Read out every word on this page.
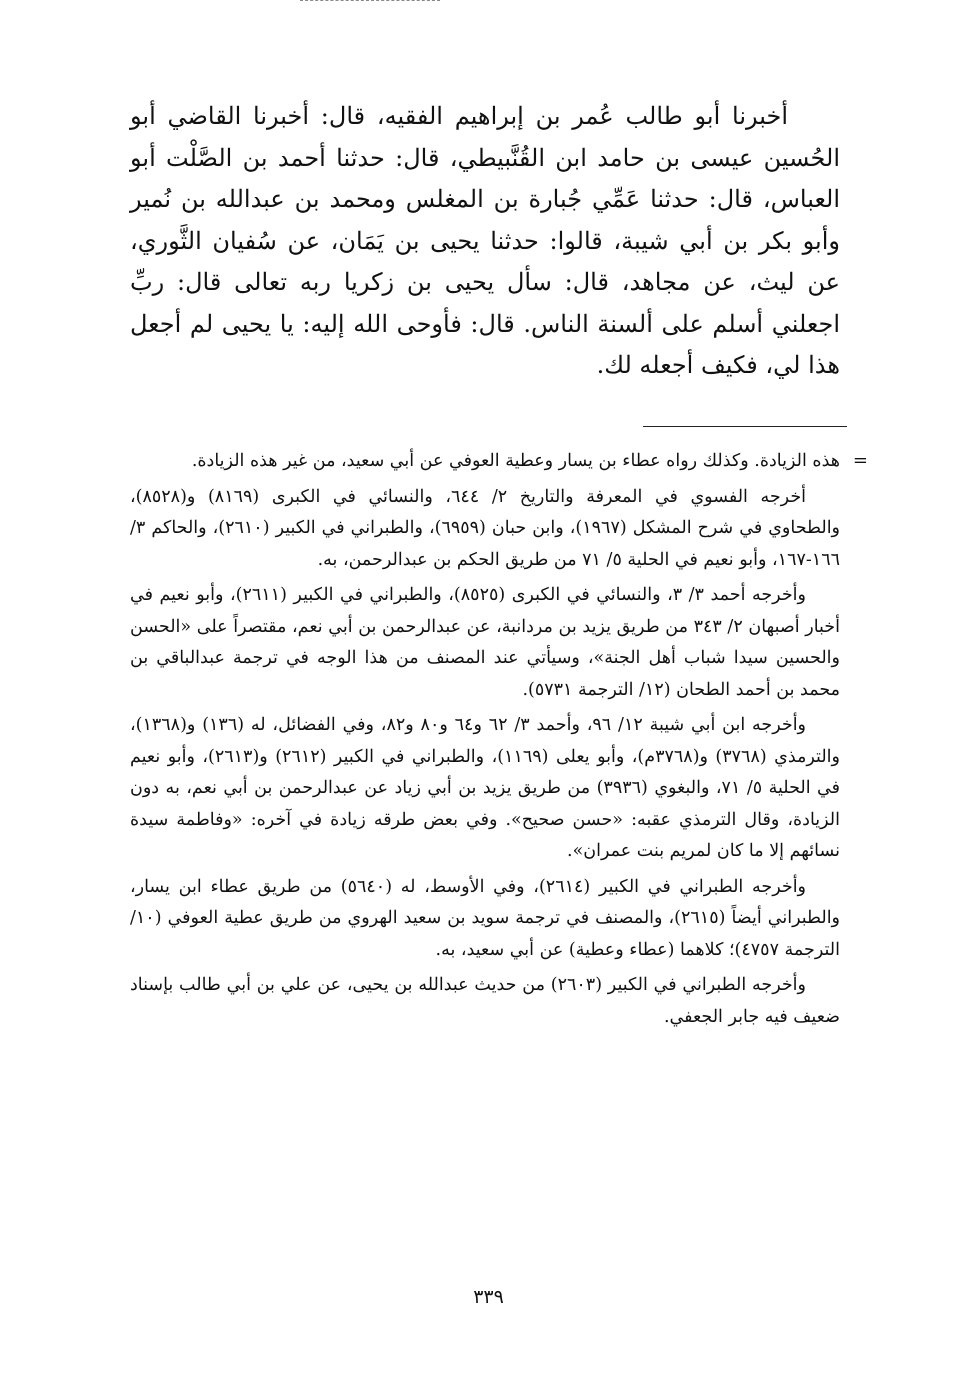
أخبرنا أبو طالب عُمر بن إبراهيم الفقيه، قال: أخبرنا القاضي أبو الحُسين عيسى بن حامد ابن القُنَّبيطي، قال: حدثنا أحمد بن الصَّلْت أبو العباس، قال: حدثنا عَمِّي جُبارة بن المغلس ومحمد بن عبدالله بن نُمير وأبو بكر بن أبي شيبة، قالوا: حدثنا يحيى بن يَمَان، عن سُفيان الثَّوري، عن ليث، عن مجاهد، قال: سأل يحيى بن زكريا ربه تعالى قال: ربِّ اجعلني أسلم على ألسنة الناس. قال: فأوحى الله إليه: يا يحيى لم أجعل هذا لي، فكيف أجعله لك.

=

هذه الزيادة. وكذلك رواه عطاء بن يسار وعطية العوفي عن أبي سعيد، من غير هذه الزيادة.

أخرجه الفسوي في المعرفة والتاريخ ٢/ ٦٤٤، والنسائي في الكبرى (٨١٦٩) و(٨٥٢٨)، والطحاوي في شرح المشكل (١٩٦٧)، وابن حبان (٦٩٥٩)، والطبراني في الكبير (٢٦١٠)، والحاكم ٣/ ١٦٦-١٦٧، وأبو نعيم في الحلية ٥/ ٧١ من طريق الحكم بن عبدالرحمن، به.

وأخرجه أحمد ٣/ ٣، والنسائي في الكبرى (٨٥٢٥)، والطبراني في الكبير (٢٦١١)، وأبو نعيم في أخبار أصبهان ٢/ ٣٤٣ من طريق يزيد بن مردانبة، عن عبدالرحمن بن أبي نعم، مقتصراً على «الحسن والحسين سيدا شباب أهل الجنة»، وسيأتي عند المصنف من هذا الوجه في ترجمة عبدالباقي بن محمد بن أحمد الطحان (١٢/ الترجمة ٥٧٣١).

وأخرجه ابن أبي شيبة ١٢/ ٩٦، وأحمد ٣/ ٦٢ و٦٤ و٨٠ و٨٢، وفي الفضائل، له (١٣٦) و(١٣٦٨)، والترمذي (٣٧٦٨) و(٣٧٦٨م)، وأبو يعلى (١١٦٩)، والطبراني في الكبير (٢٦١٢) و(٢٦١٣)، وأبو نعيم في الحلية ٥/ ٧١، والبغوي (٣٩٣٦) من طريق يزيد بن أبي زياد عن عبدالرحمن بن أبي نعم، به دون الزيادة، وقال الترمذي عقبه: «حسن صحيح». وفي بعض طرقه زيادة في آخره: «وفاطمة سيدة نسائهم إلا ما كان لمريم بنت عمران».

وأخرجه الطبراني في الكبير (٢٦١٤)، وفي الأوسط، له (٥٦٤٠) من طريق عطاء ابن يسار، والطبراني أيضاً (٢٦١٥)، والمصنف في ترجمة سويد بن سعيد الهروي من طريق عطية العوفي (١٠/ الترجمة ٤٧٥٧)؛ كلاهما (عطاء وعطية) عن أبي سعيد، به.

وأخرجه الطبراني في الكبير (٢٦٠٣) من حديث عبدالله بن يحيى، عن علي بن أبي طالب بإسناد ضعيف فيه جابر الجعفي.

٣٣٩
